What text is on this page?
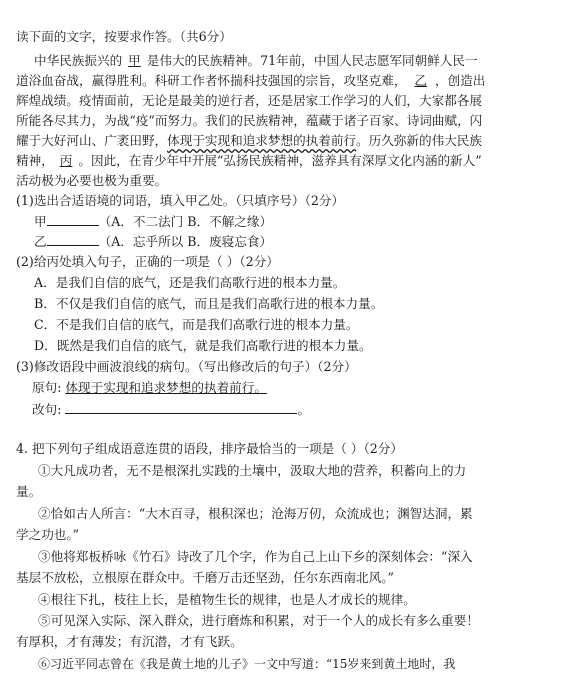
读下面的文字，按要求作答。（共6分）
中华民族振兴的 甲 是伟大的民族精神。71年前，中国人民志愿军同朝鲜人民一
道浴血奋战，赢得胜利。科研工作者怀揣科技强国的宗旨，攻坚克难， 乙 ，创造出
辉煌战绩。疫情面前，无论是最美的逆行者，还是居家工作学习的人们，大家都各展
所能各尽其力，为战“疫”而努力。我们的民族精神，蕴藏于诸子百家、诗词曲赋，闪
耀于大好河山、广袤田野，体现于实现和追求梦想的执着前行。历久弥新的伟大民族
精神， 丙 。因此，在青少年中开展“弘扬民族精神，滋养具有深厚文化内涵的新人”
活动极为必要也极为重要。
(1)选出合适语境的词语，填入甲乙处。（只填序号）（2分）
甲	（A．不二法门 B．不解之缘）
乙	（A．忘乎所以 B．废寝忘食）
(2)给丙处填入句子，正确的一项是（ ）（2分）
A．是我们自信的底气，还是我们高歌行进的根本力量。
B．不仅是我们自信的底气，而且是我们高歌行进的根本力量。
C．不是我们自信的底气，而是我们高歌行进的根本力量。
D．既然是我们自信的底气，就是我们高歌行进的根本力量。
(3)修改语段中画波浪线的病句。（写出修改后的句子）（2分）
原句: 体现于实现和追求梦想的执着前行。
改句:	。
4. 把下列句子组成语意连贯的语段，排序最恰当的一项是（ ）（2分）
①大凡成功者，无不是根深扎实践的土壤中，汲取大地的营养，积蓄向上的力
量。
②恰如古人所言：“大木百寻，根积深也；沧海万仞，众流成也；渊智达洞，累
学之功也。”
③他将郑板桥咏《竹石》诗改了几个字，作为自己上山下乡的深刻体会：“深入
基层不放松，立根原在群众中。千磨万击还坚劲，任尔东西南北风。”
④根往下扎，枝往上长，是植物生长的规律，也是人才成长的规律。
⑤可见深入实际、深入群众，进行磨炼和积累，对于一个人的成长有多么重要！
有厚积，才有薄发；有沉潜，才有飞跃。
⑥习近平同志曾在《我是黄土地的儿子》一文中写道：“15岁来到黄土地时，我
